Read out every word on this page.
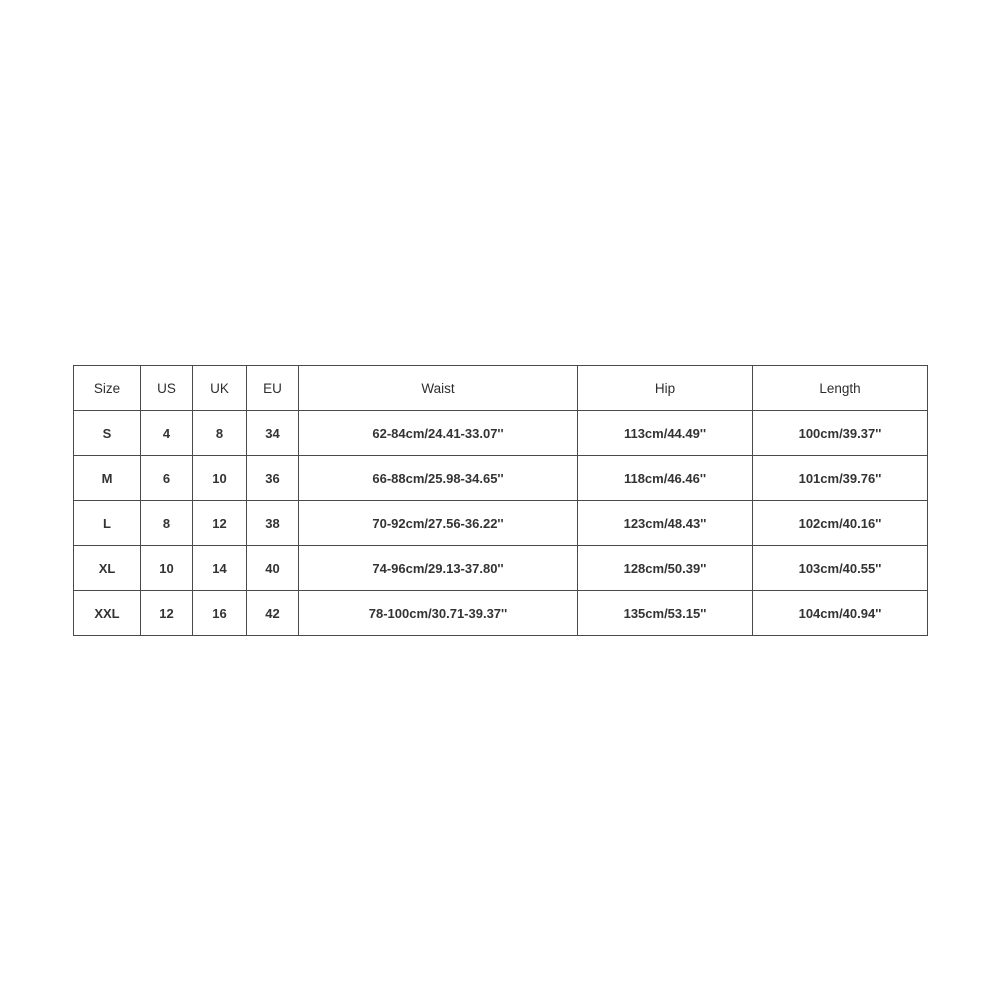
Size	US	UK	EU	Waist	Hip	Length
S	4	8	34	62-84cm/24.41-33.07''	113cm/44.49''	100cm/39.37''
M	6	10	36	66-88cm/25.98-34.65''	118cm/46.46''	101cm/39.76''
L	8	12	38	70-92cm/27.56-36.22''	123cm/48.43''	102cm/40.16''
XL	10	14	40	74-96cm/29.13-37.80''	128cm/50.39''	103cm/40.55''
XXL	12	16	42	78-100cm/30.71-39.37''	135cm/53.15''	104cm/40.94''
